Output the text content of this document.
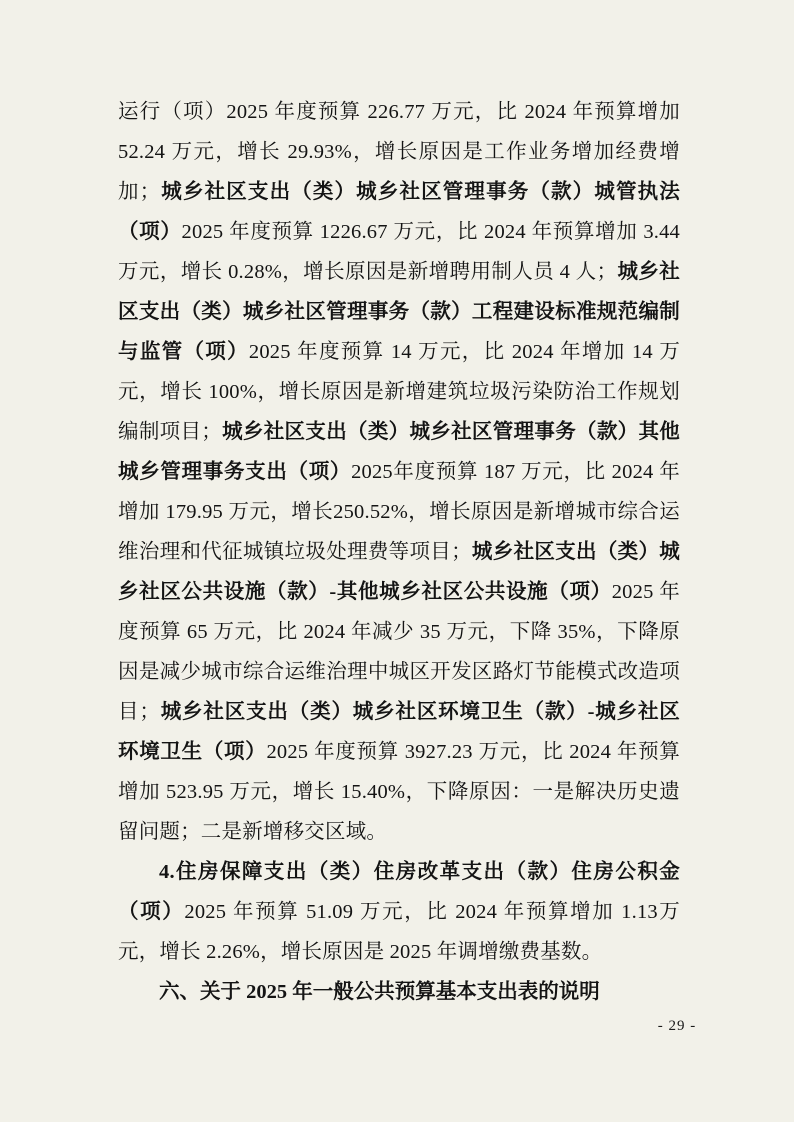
运行（项）2025 年度预算 226.77 万元，比 2024 年预算增加 52.24 万元，增长 29.93%，增长原因是工作业务增加经费增加；城乡社区支出（类）城乡社区管理事务（款）城管执法（项）2025 年度预算 1226.67 万元，比 2024 年预算增加 3.44 万元，增长 0.28%，增长原因是新增聘用制人员 4 人；城乡社区支出（类）城乡社区管理事务（款）工程建设标准规范编制与监管（项）2025 年度预算 14 万元，比 2024 年增加 14 万元，增长 100%，增长原因是新增建筑垃圾污染防治工作规划编制项目；城乡社区支出（类）城乡社区管理事务（款）其他城乡管理事务支出（项）2025年度预算 187 万元，比 2024 年增加 179.95 万元，增长250.52%，增长原因是新增城市综合运维治理和代征城镇垃圾处理费等项目；城乡社区支出（类）城乡社区公共设施（款）-其他城乡社区公共设施（项）2025 年度预算 65 万元，比 2024 年减少 35 万元，下降 35%，下降原因是减少城市综合运维治理中城区开发区路灯节能模式改造项目；城乡社区支出（类）城乡社区环境卫生（款）-城乡社区环境卫生（项）2025 年度预算 3927.23 万元，比 2024 年预算增加 523.95 万元，增长 15.40%，下降原因：一是解决历史遗留问题；二是新增移交区域。

4.住房保障支出（类）住房改革支出（款）住房公积金（项）2025 年预算 51.09 万元，比 2024 年预算增加 1.13万元，增长 2.26%，增长原因是 2025 年调增缴费基数。

六、关于 2025 年一般公共预算基本支出表的说明

- 29 -
